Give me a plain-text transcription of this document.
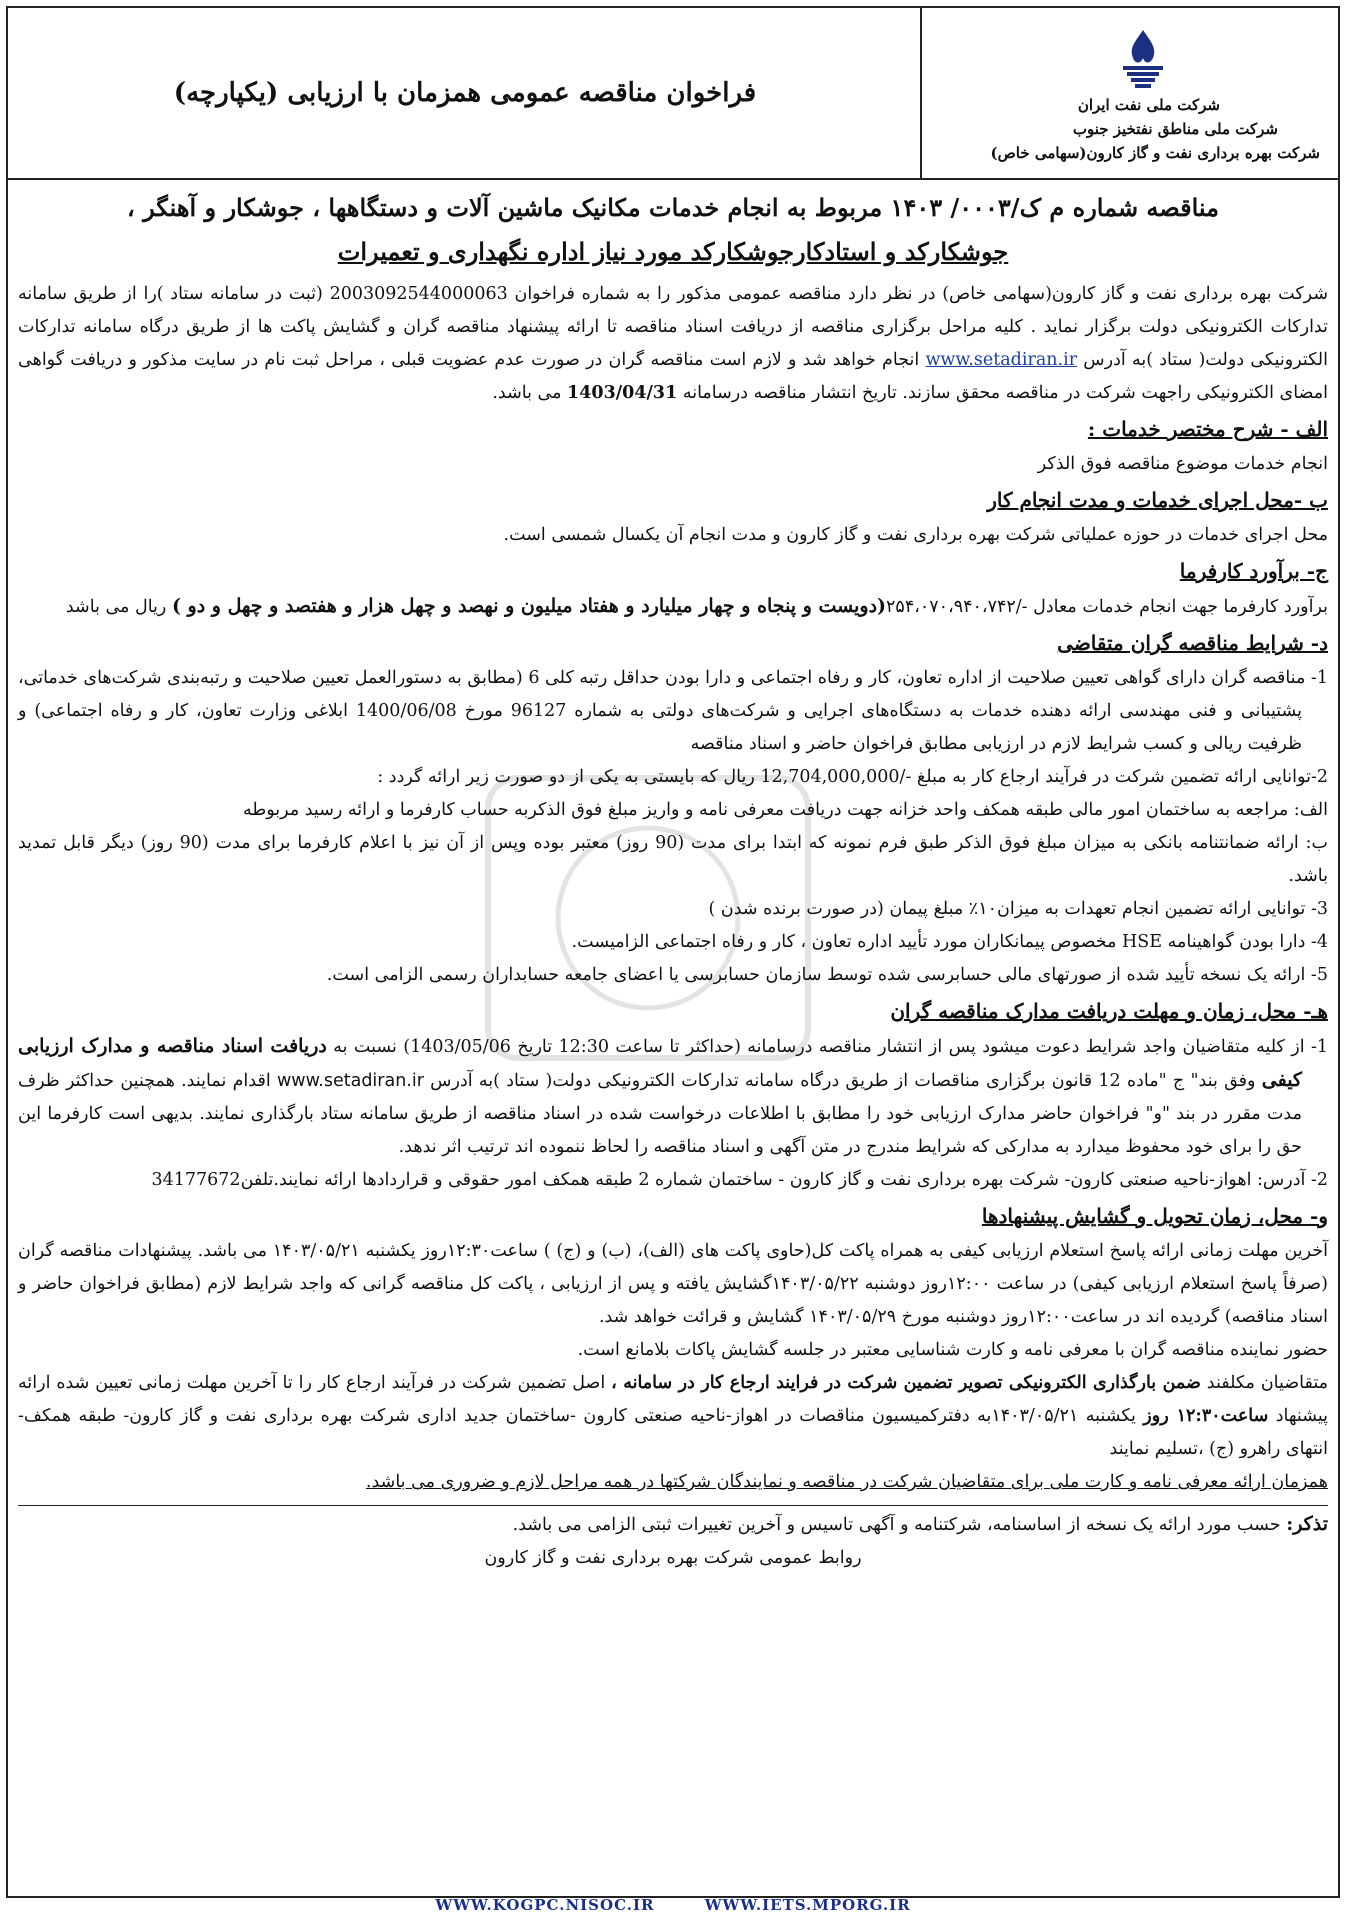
شرکت ملی نفت ایران
شرکت ملی مناطق نفتخیز جنوب
شرکت بهره برداری نفت و گاز کارون(سهامی خاص)
فراخوان مناقصه عمومی همزمان با ارزیابی (یکپارچه)
مناقصه شماره م ک/۰۰۰۳/ ۱۴۰۳ مربوط به انجام خدمات مکانیک ماشین آلات و دستگاهها ، جوشکار و آهنگر ،
جوشکارکد و استادکارجوشکارکد مورد نیاز اداره نگهداری و تعمیرات

شرکت بهره برداری نفت و گاز کارون(سهامی خاص) در نظر دارد مناقصه عمومی مذکور را به شماره فراخوان 2003092544000063 (ثبت در سامانه ستاد )را از طریق سامانه تدارکات الکترونیکی دولت برگزار نماید . کلیه مراحل برگزاری مناقصه از دریافت اسناد مناقصه تا ارائه پیشنهاد مناقصه گران و گشایش پاکت ها از طریق درگاه سامانه تدارکات الکترونیکی دولت( ستاد )به آدرس www.setadiran.ir انجام خواهد شد و لازم است مناقصه گران در صورت عدم عضویت قبلی ، مراحل ثبت نام در سایت مذکور و دریافت گواهی امضای الکترونیکی راجهت شرکت در مناقصه محقق سازند. تاریخ انتشار مناقصه درسامانه 1403/04/31 می باشد.

الف - شرح مختصر خدمات :

انجام خدمات موضوع مناقصه فوق الذکر

ب -محل اجرای خدمات و مدت انجام کار

محل اجرای خدمات در حوزه عملیاتی شرکت بهره برداری نفت و گاز کارون و مدت انجام آن یکسال شمسی است.

ج- برآورد کارفرما

برآورد کارفرما جهت انجام خدمات معادل -/۲۵۴،۰۷۰،۹۴۰،۷۴۲(دویست و پنجاه و چهار میلیارد و هفتاد میلیون و نهصد و چهل هزار و هفتصد و چهل و دو ) ریال می باشد

د- شرایط مناقصه گران متقاضی

1- مناقصه گران دارای گواهی تعیین صلاحیت از اداره تعاون، کار و رفاه اجتماعی و دارا بودن حداقل رتبه کلی 6 (مطابق به دستورالعمل تعیین صلاحیت و رتبه‌بندی شرکت‌های خدماتی، پشتیبانی و فنی مهندسی ارائه دهنده خدمات به دستگاه‌های اجرایی و شرکت‌های دولتی به شماره 96127 مورخ 1400/06/08 ابلاغی وزارت تعاون، کار و رفاه اجتماعی) و ظرفیت ریالی و کسب شرایط لازم در ارزیابی مطابق فراخوان حاضر و اسناد مناقصه

2-توانایی ارائه تضمین شرکت در فرآیند ارجاع کار به مبلغ -/12,704,000,000 ریال که بایستی به یکی از دو صورت زیر ارائه گردد :

الف: مراجعه به ساختمان امور مالی طبقه همکف واحد خزانه جهت دریافت معرفی نامه و واریز مبلغ فوق الذکربه حساب کارفرما و ارائه رسید مربوطه

ب: ارائه ضمانتنامه بانکی به میزان مبلغ فوق الذکر طبق فرم نمونه که ابتدا برای مدت (90 روز) معتبر بوده وپس از آن نیز با اعلام کارفرما برای مدت (90 روز) دیگر قابل تمدید باشد.

3- توانایی ارائه تضمین انجام تعهدات به میزان۱۰٪ مبلغ پیمان (در صورت برنده شدن )

4- دارا بودن گواهینامه HSE مخصوص پیمانکاران مورد تأیید اداره تعاون ، کار و رفاه اجتماعی الزامیست.

5- ارائه یک نسخه تأیید شده از صورتهای مالی حسابرسی شده توسط سازمان حسابرسی یا اعضای جامعه حسابداران رسمی الزامی است.

هـ- محل، زمان و مهلت دریافت مدارک مناقصه گران

1- از کلیه متقاضیان واجد شرایط دعوت میشود پس از انتشار مناقصه درسامانه (حداکثر تا ساعت 12:30 تاریخ 1403/05/06) نسبت به دریافت اسناد مناقصه و مدارک ارزیابی کیفی وفق بند" ج "ماده 12 قانون برگزاری مناقصات از طریق درگاه سامانه تدارکات الکترونیکی دولت( ستاد )به آدرس www.setadiran.ir اقدام نمایند. همچنین حداکثر ظرف مدت مقرر در بند "و" فراخوان حاضر مدارک ارزیابی خود را مطابق با اطلاعات درخواست شده در اسناد مناقصه از طریق سامانه ستاد بارگذاری نمایند. بدیهی است کارفرما این حق را برای خود محفوظ میدارد به مدارکی که شرایط مندرج در متن آگهی و اسناد مناقصه را لحاظ ننموده اند ترتیب اثر ندهد.

2- آدرس: اهواز-ناحیه صنعتی کارون- شرکت بهره برداری نفت و گاز کارون - ساختمان شماره 2 طبقه همکف امور حقوقی و قراردادها ارائه نمایند.تلفن34177672

و- محل، زمان تحویل و گشایش پیشنهادها

آخرین مهلت زمانی ارائه پاسخ استعلام ارزیابی کیفی به همراه پاکت کل(حاوی پاکت های (الف)، (ب) و (ج) ) ساعت۱۲:۳۰روز یکشنبه ۱۴۰۳/۰۵/۲۱ می باشد. پیشنهادات مناقصه گران (صرفاً پاسخ استعلام ارزیابی کیفی) در ساعت ۱۲:۰۰روز دوشنبه ۱۴۰۳/۰۵/۲۲گشایش یافته و پس از ارزیابی ، پاکت کل مناقصه گرانی که واجد شرایط لازم (مطابق فراخوان حاضر و اسناد مناقصه) گردیده اند در ساعت۱۲:۰۰روز دوشنبه مورخ ۱۴۰۳/۰۵/۲۹ گشایش و قرائت خواهد شد.

حضور نماینده مناقصه گران با معرفی نامه و کارت شناسایی معتبر در جلسه گشایش پاکات بلامانع است.

متقاضیان مکلفند ضمن بارگذاری الکترونیکی تصویر تضمین شرکت در فرایند ارجاع کار در سامانه ، اصل تضمین شرکت در فرآیند ارجاع کار را تا آخرین مهلت زمانی تعیین شده ارائه پیشنهاد ساعت۱۲:۳۰ روز یکشنبه ۱۴۰۳/۰۵/۲۱به دفترکمیسیون مناقصات در اهواز-ناحیه صنعتی کارون -ساختمان جدید اداری شرکت بهره برداری نفت و گاز کارون- طبقه همکف-انتهای راهرو (ج) ،تسلیم نمایند

همزمان ارائه معرفی نامه و کارت ملی برای متقاضیان شرکت در مناقصه و نمایندگان شرکتها در همه مراحل لازم و ضروری می باشد.

تذکر: حسب مورد ارائه یک نسخه از اساسنامه، شرکتنامه و آگهی تاسیس و آخرین تغییرات ثبتی الزامی می باشد.

روابط عمومی شرکت بهره برداری نفت و گاز کارون

WWW.KOGPC.NISOC.IR	WWW.IETS.MPORG.IR
